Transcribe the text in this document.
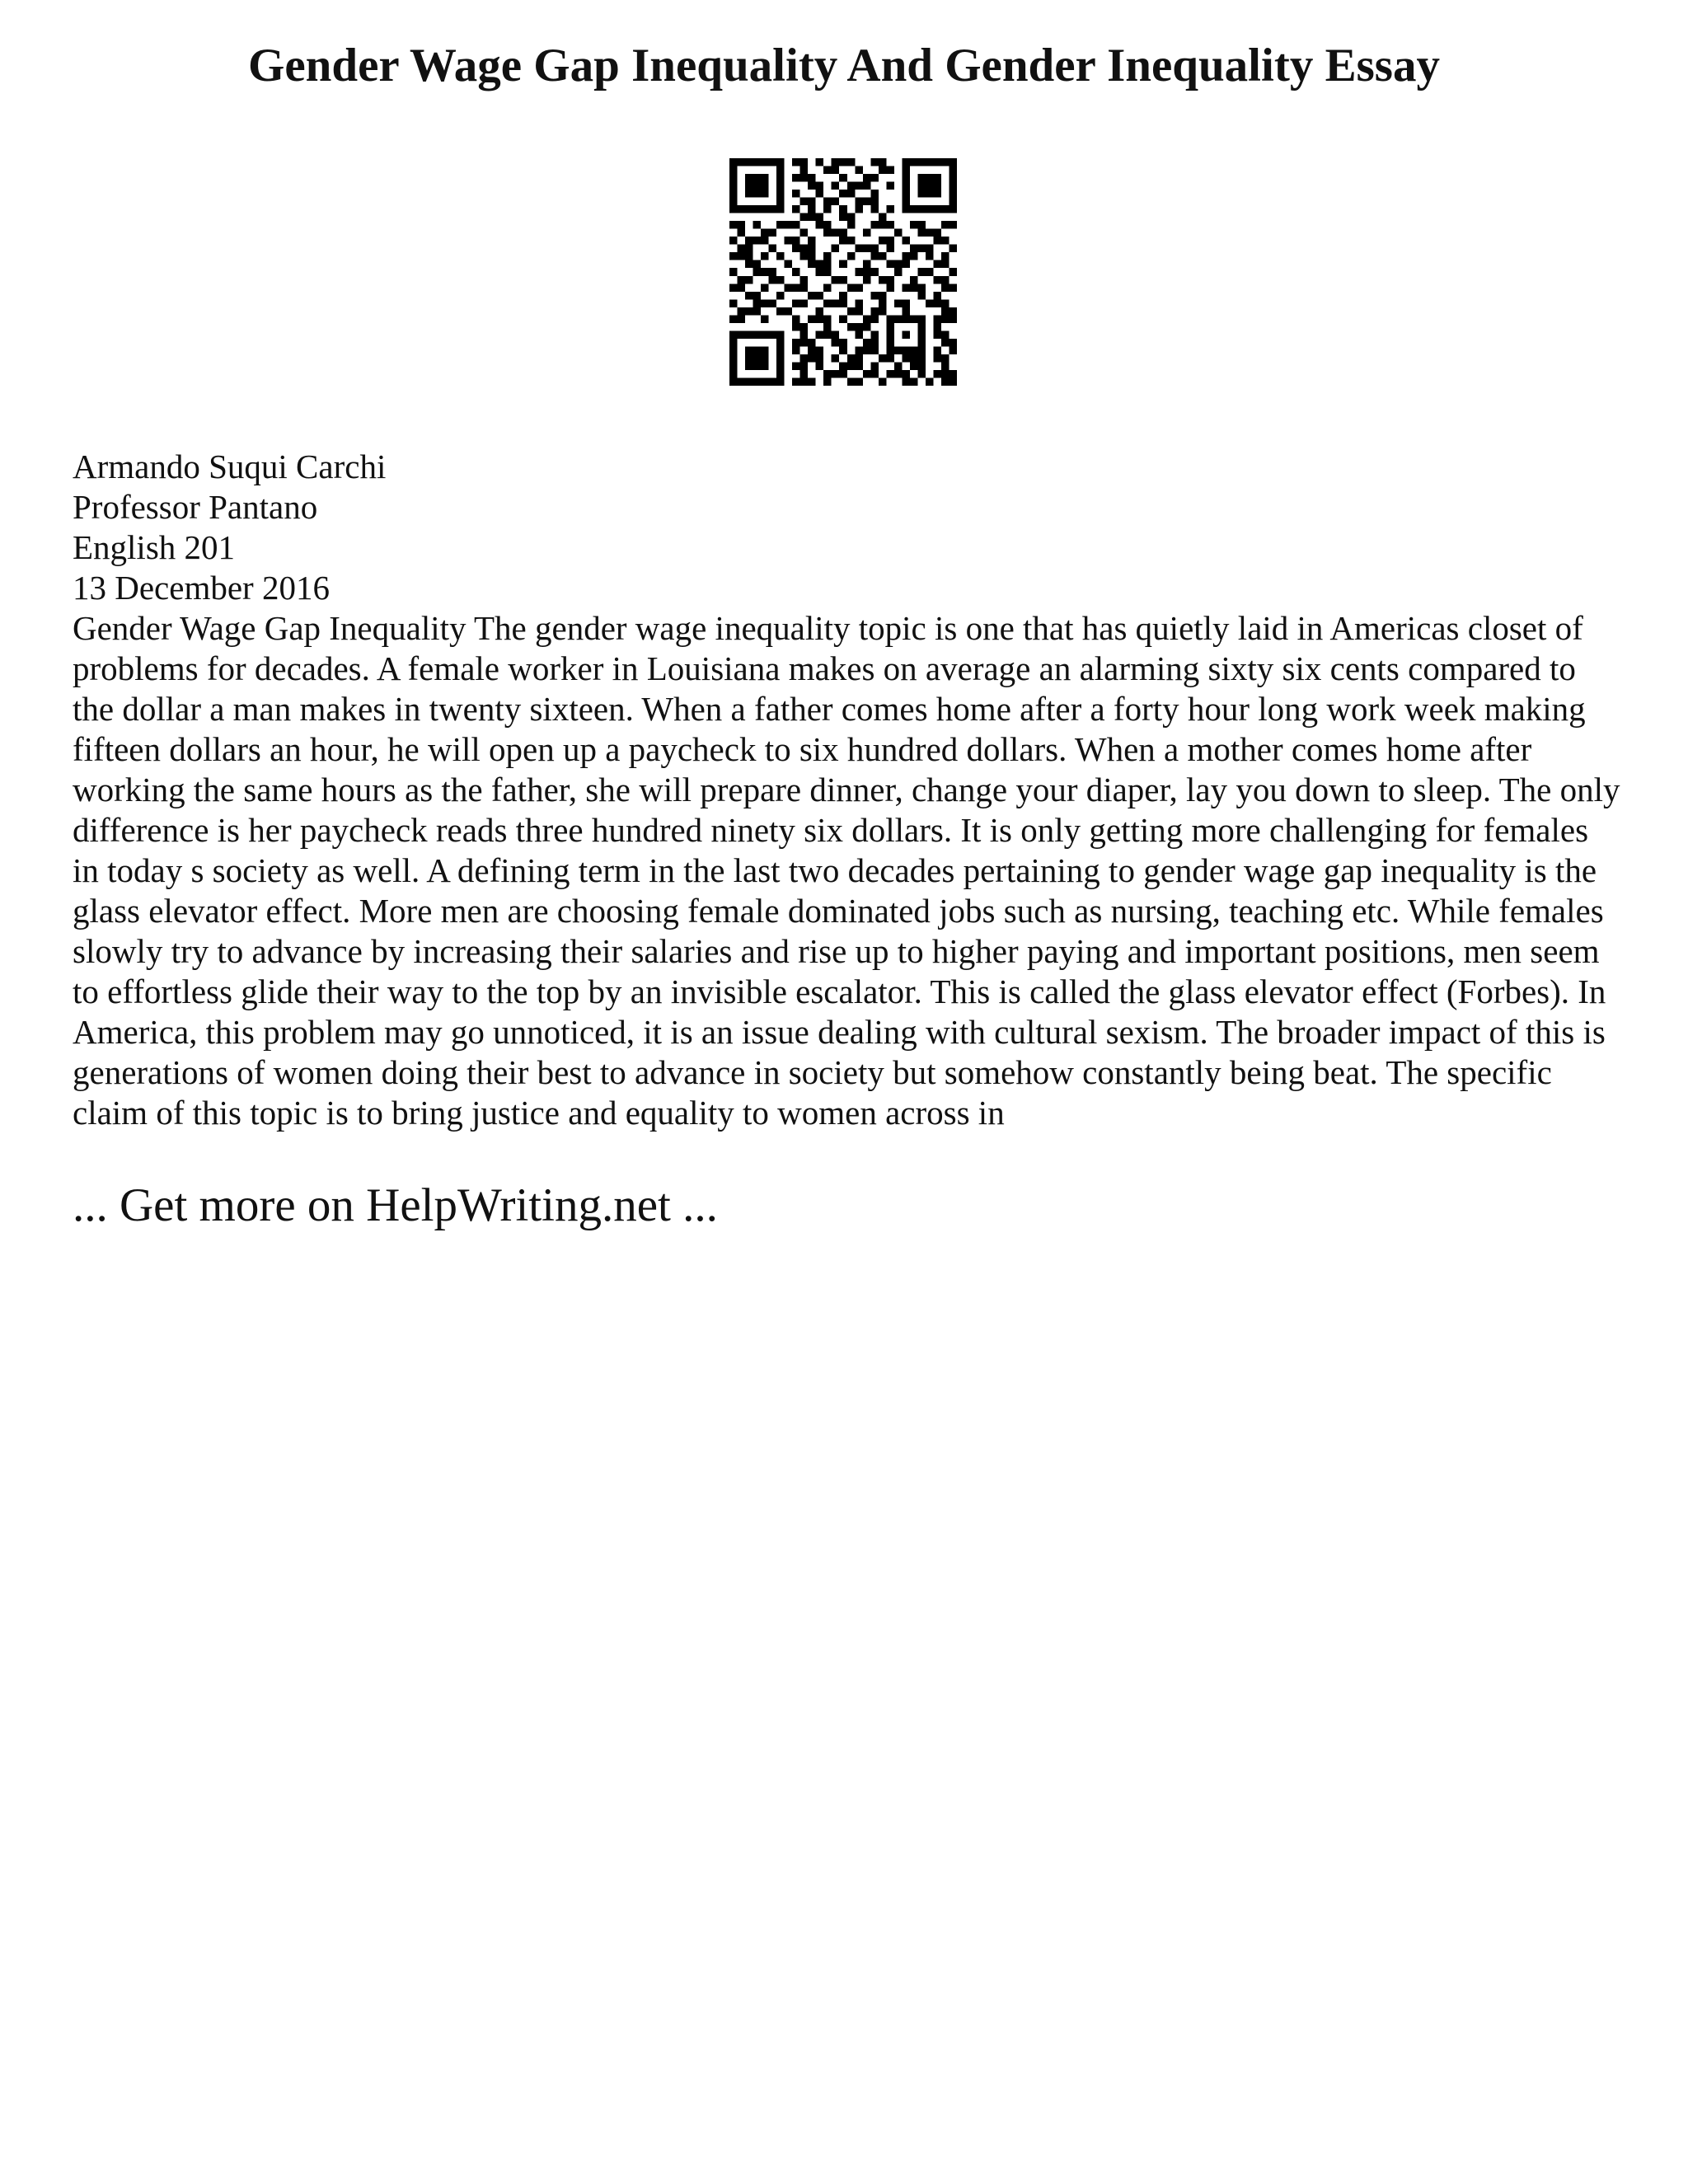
Gender Wage Gap Inequality And Gender Inequality Essay
Armando Suqui Carchi
Professor Pantano
English 201
13 December 2016

Gender Wage Gap Inequality The gender wage inequality topic is one that has quietly laid in Americas closet of problems for decades. A female worker in Louisiana makes on average an alarming sixty six cents compared to the dollar a man makes in twenty sixteen. When a father comes home after a forty hour long work week making fifteen dollars an hour, he will open up a paycheck to six hundred dollars. When a mother comes home after working the same hours as the father, she will prepare dinner, change your diaper, lay you down to sleep. The only difference is her paycheck reads three hundred ninety six dollars. It is only getting more challenging for females in today s society as well. A defining term in the last two decades pertaining to gender wage gap inequality is the glass elevator effect. More men are choosing female dominated jobs such as nursing, teaching etc. While females slowly try to advance by increasing their salaries and rise up to higher paying and important positions, men seem to effortless glide their way to the top by an invisible escalator. This is called the glass elevator effect (Forbes). In America, this problem may go unnoticed, it is an issue dealing with cultural sexism. The broader impact of this is generations of women doing their best to advance in society but somehow constantly being beat. The specific claim of this topic is to bring justice and equality to women across in

... Get more on HelpWriting.net ...
